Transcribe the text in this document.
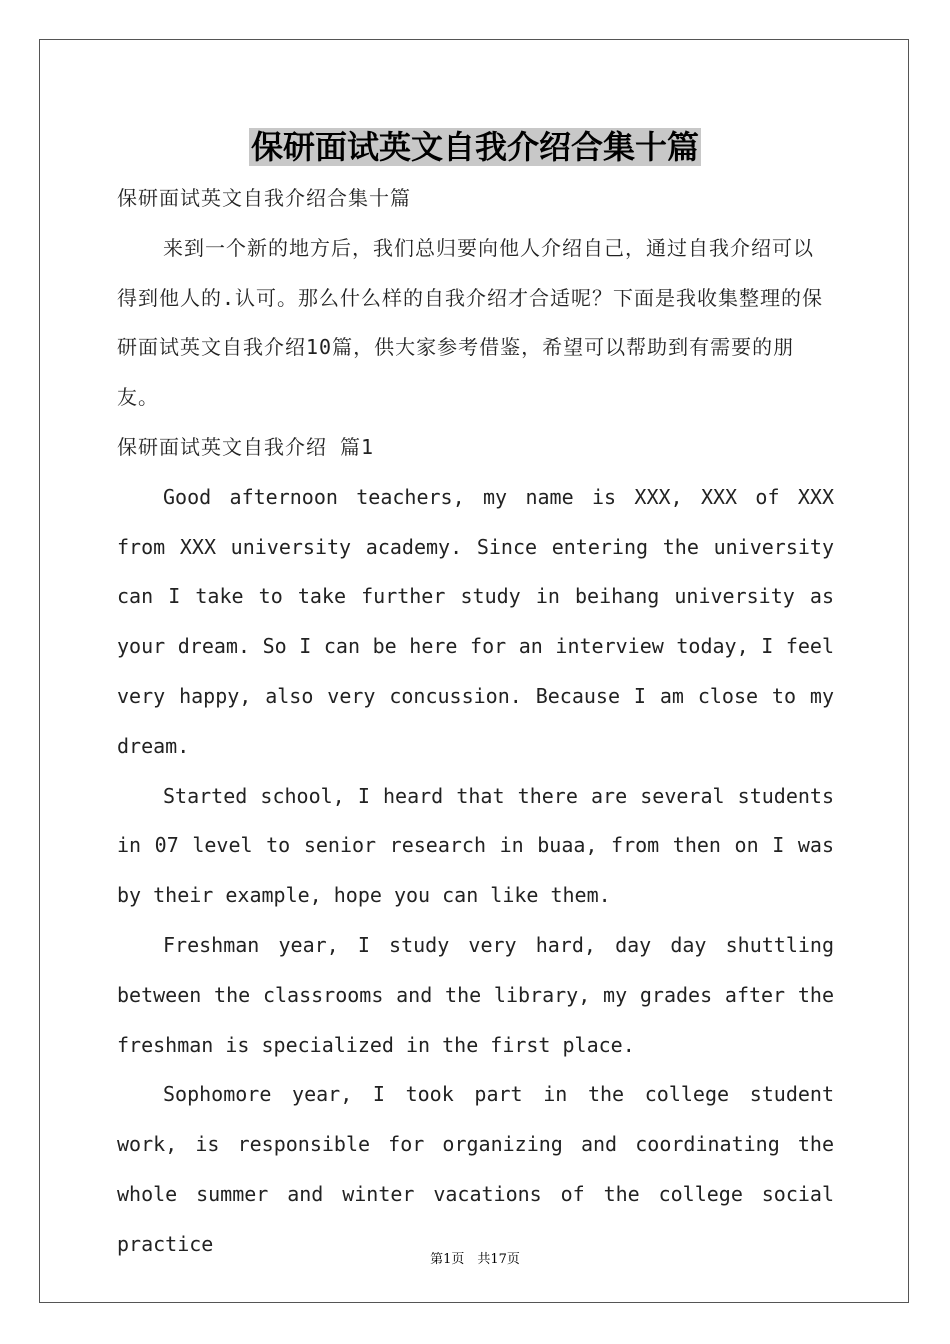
保研面试英文自我介绍合集十篇

保研面试英文自我介绍合集十篇

来到一个新的地方后，我们总归要向他人介绍自己，通过自我介绍可以得到他人的.认可。那么什么样的自我介绍才合适呢？下面是我收集整理的保研面试英文自我介绍10篇，供大家参考借鉴，希望可以帮助到有需要的朋友。

保研面试英文自我介绍 篇1

Good afternoon teachers, my name is XXX, XXX of XXX from XXX university academy. Since entering the university can I take to take further study in beihang university as your dream. So I can be here for an interview today, I feel very happy, also very concussion. Because I am close to my dream.

Started school, I heard that there are several students in 07 level to senior research in buaa, from then on I was by their example, hope you can like them.

Freshman year, I study very hard, day day shuttling between the classrooms and the library, my grades after the freshman is specialized in the first place.

Sophomore year, I took part in the college student work, is responsible for organizing and coordinating the whole summer and winter vacations of the college social practice

第1页　共17页
